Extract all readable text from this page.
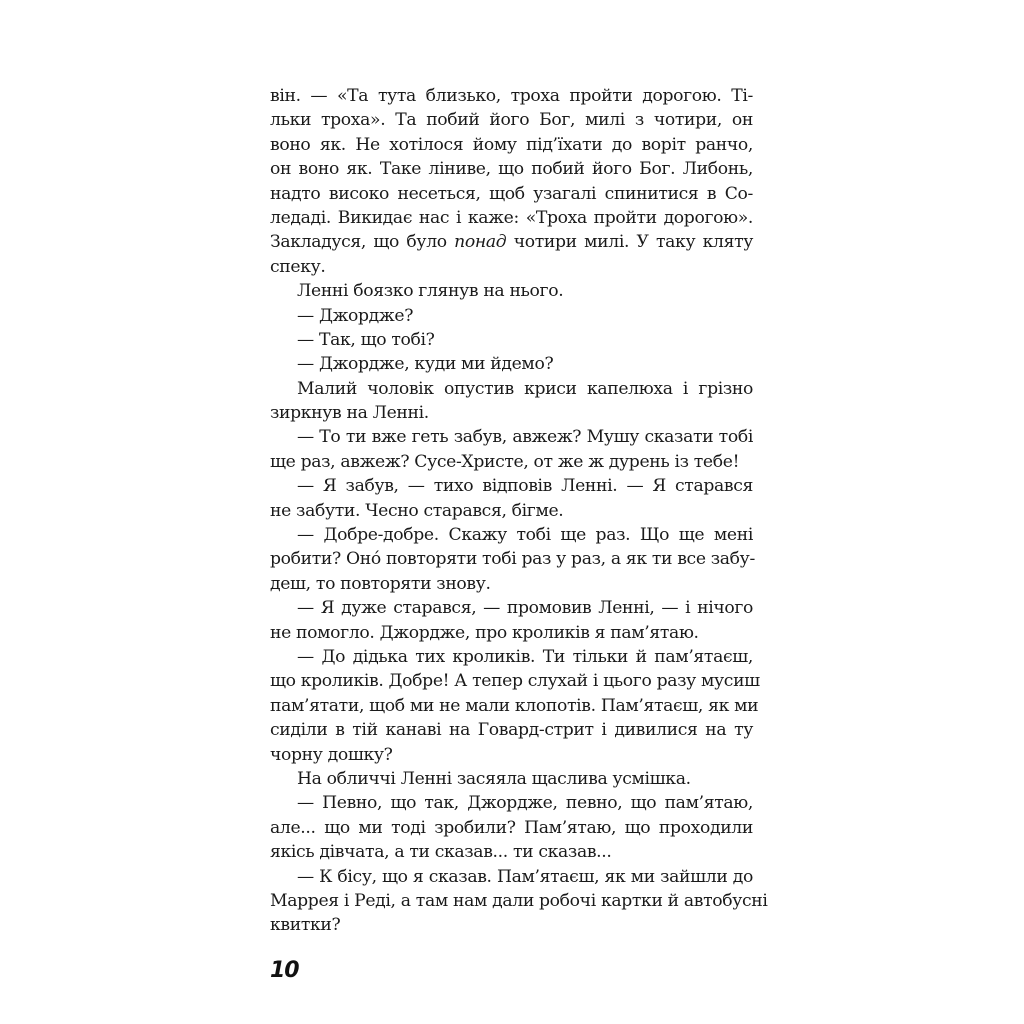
він. — «Та тута близько, троха пройти дорогою. Ті-
льки троха». Та побий його Бог, милі з чотири, он
воно як. Не хотілося йому під’їхати до воріт ранчо,
он воно як. Таке ліниве, що побий його Бог. Либонь,
надто високо несеться, щоб узагалі спинитися в Со-
ледаді. Викидає нас і каже: «Троха пройти дорогою».
Закладуся, що було понад чотири милі. У таку кляту
спеку.
Ленні боязко глянув на нього.
— Джордже?
— Так, що тобі?
— Джордже, куди ми йдемо?
Малий чоловік опустив криси капелюха і грізно
зиркнув на Ленні.
— То ти вже геть забув, авжеж? Мушу сказати тобі
ще раз, авжеж? Сусе-Христе, от же ж дурень із тебе!
— Я забув, — тихо відповів Ленні. — Я старався
не забути. Чесно старався, бігме.
— Добре-добре. Скажу тобі ще раз. Що ще мені
робити? Оно́ повторяти тобі раз у раз, а як ти все забу-
деш, то повторяти знову.
— Я дуже старався, — промовив Ленні, — і нічого
не помогло. Джордже, про кроликів я пам’ятаю.
— До дідька тих кроликів. Ти тільки й пам’ятаєш,
що кроликів. Добре! А тепер слухай і цього разу мусиш
пам’ятати, щоб ми не мали клопотів. Пам’ятаєш, як ми
сиділи в тій канаві на Говард-стрит і дивилися на ту
чорну дошку?
На обличчі Ленні засяяла щаслива усмішка.
— Певно, що так, Джордже, певно, що пам’ятаю,
але... що ми тоді зробили? Пам’ятаю, що проходили
якісь дівчата, а ти сказав... ти сказав...
— К бісу, що я сказав. Пам’ятаєш, як ми зайшли до
Маррея і Реді, а там нам дали робочі картки й автобусні
квитки?
10
